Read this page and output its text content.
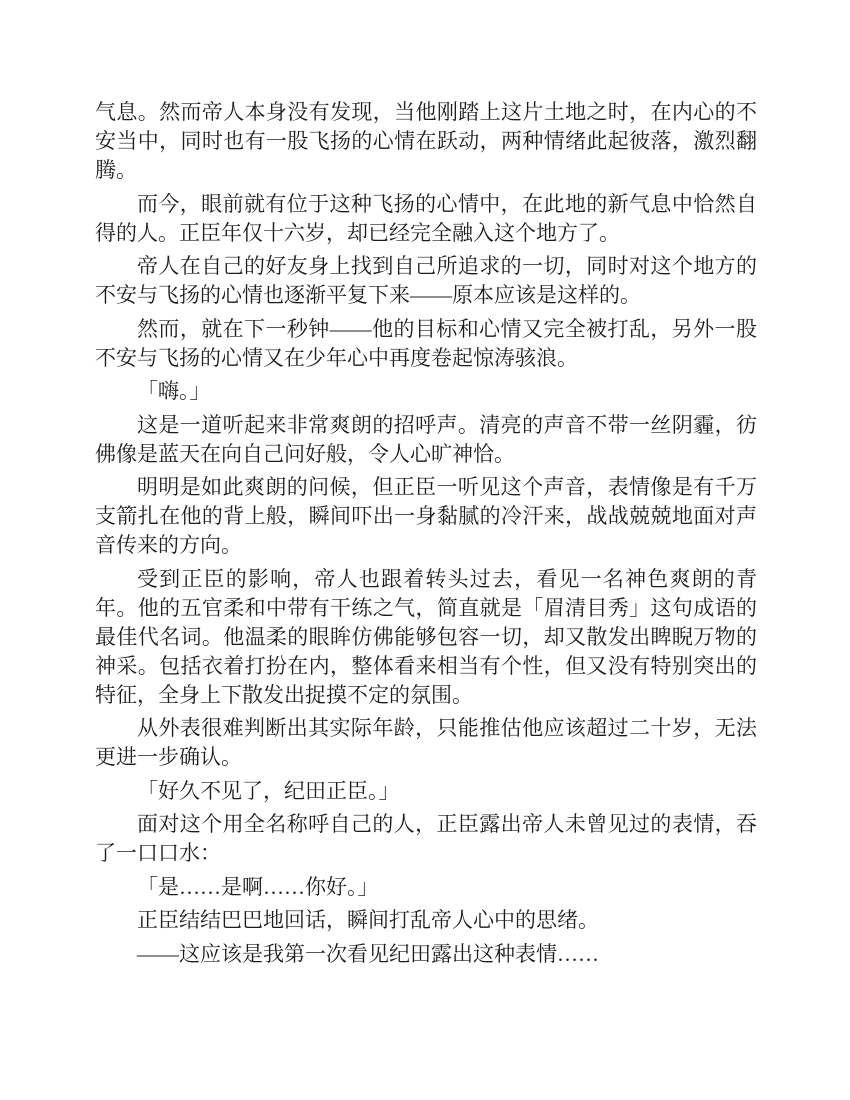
气息。然而帝人本身没有发现，当他刚踏上这片土地之时，在内心的不安当中，同时也有一股飞扬的心情在跃动，两种情绪此起彼落，激烈翻腾。

而今，眼前就有位于这种飞扬的心情中，在此地的新气息中恰然自得的人。正臣年仅十六岁，却已经完全融入这个地方了。

帝人在自己的好友身上找到自己所追求的一切，同时对这个地方的不安与飞扬的心情也逐渐平复下来——原本应该是这样的。

然而，就在下一秒钟——他的目标和心情又完全被打乱，另外一股不安与飞扬的心情又在少年心中再度卷起惊涛骇浪。

「嗨。」

这是一道听起来非常爽朗的招呼声。清亮的声音不带一丝阴霾，彷佛像是蓝天在向自己问好般，令人心旷神恰。

明明是如此爽朗的问候，但正臣一听见这个声音，表情像是有千万支箭扎在他的背上般，瞬间吓出一身黏腻的冷汗来，战战兢兢地面对声音传来的方向。

受到正臣的影响，帝人也跟着转头过去，看见一名神色爽朗的青年。他的五官柔和中带有干练之气，简直就是「眉清目秀」这句成语的最佳代名词。他温柔的眼眸仿佛能够包容一切，却又散发出睥睨万物的神采。包括衣着打扮在内，整体看来相当有个性，但又没有特别突出的特征，全身上下散发出捉摸不定的氛围。

从外表很难判断出其实际年龄，只能推估他应该超过二十岁，无法更进一步确认。

「好久不见了，纪田正臣。」

面对这个用全名称呼自己的人，正臣露出帝人未曾见过的表情，吞了一口口水：

「是……是啊……你好。」

正臣结结巴巴地回话，瞬间打乱帝人心中的思绪。

——这应该是我第一次看见纪田露出这种表情……
